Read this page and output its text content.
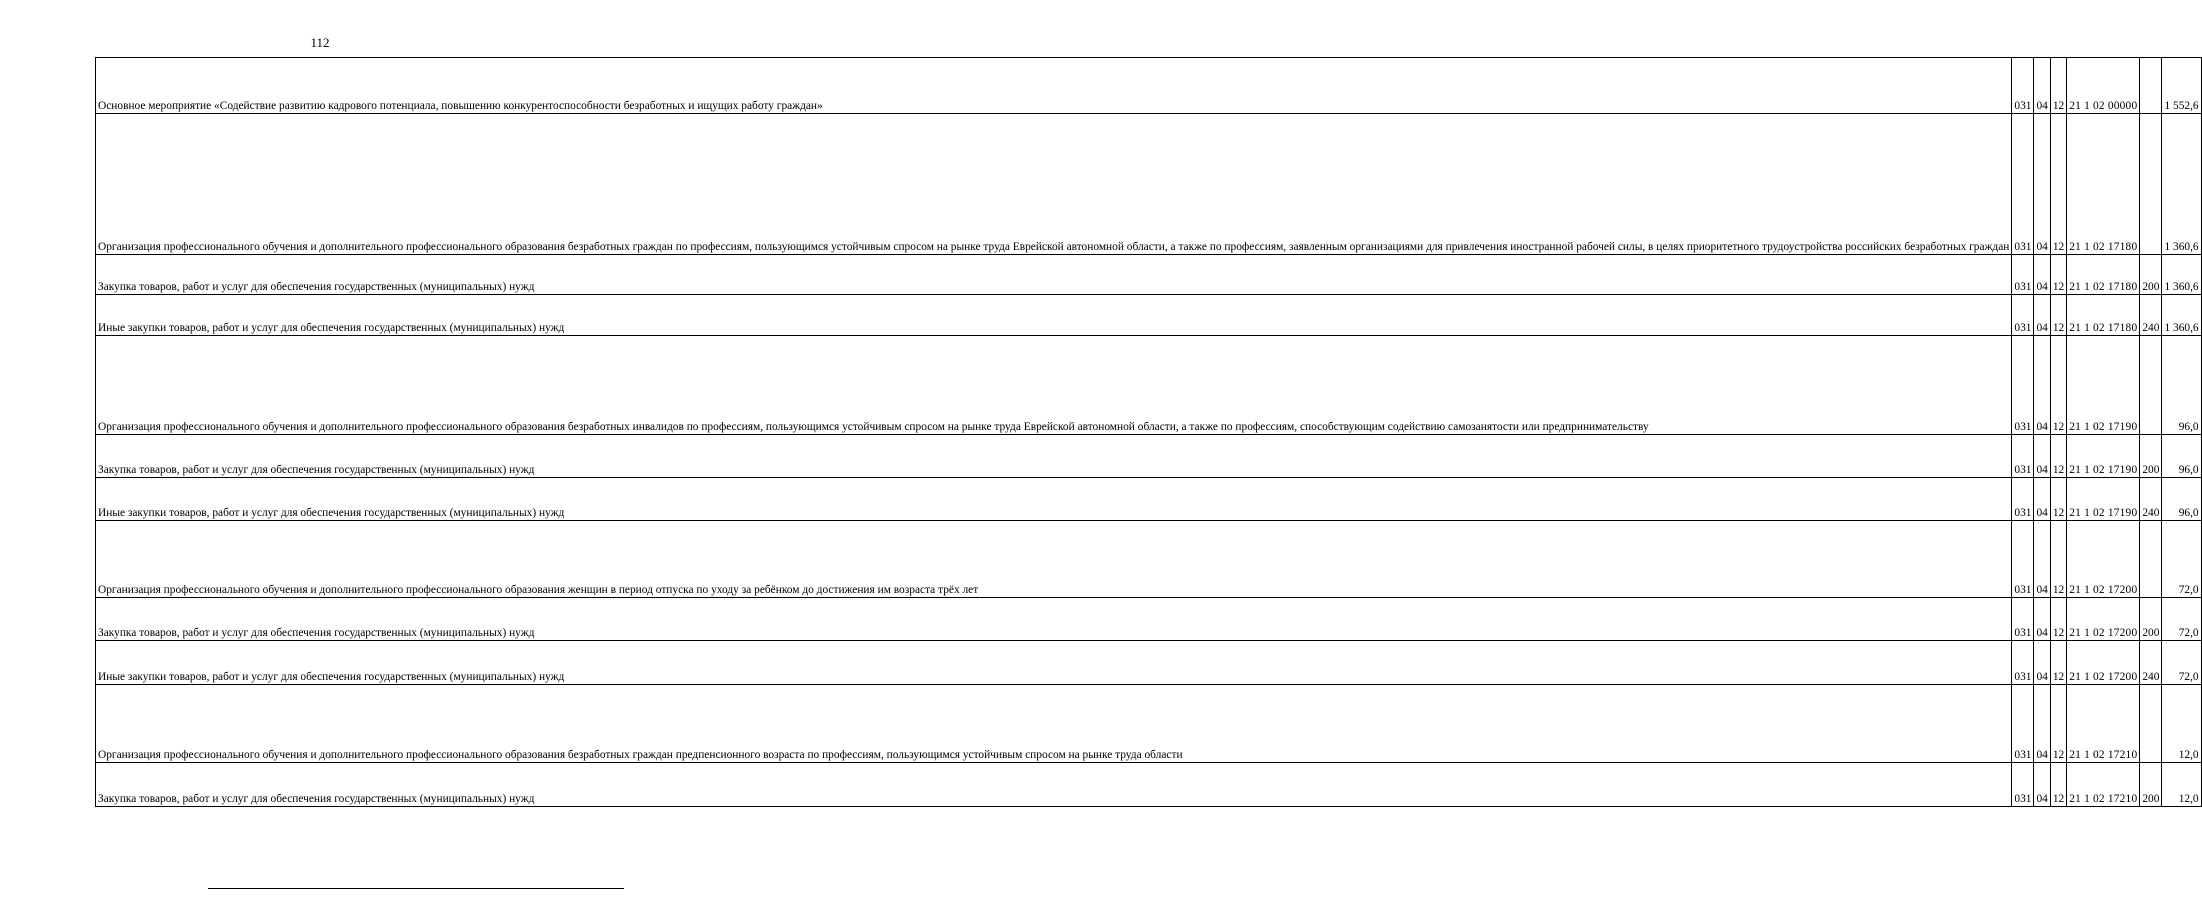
112
Основное мероприятие «Содействие развитию кадрового потенциала, повышению конкурентоспособности безработных и ищущих работу граждан»	031	04	12	21 1 02 00000		1 552,6
Организация профессионального обучения и дополнительного профессионального образования безработных граждан по профессиям, пользующимся устойчивым спросом на рынке труда Еврейской автономной области, а также по профессиям, заявленным организациями для привлечения иностранной рабочей силы, в целях приоритетного трудоустройства российских безработных граждан	031	04	12	21 1 02 17180		1 360,6
Закупка товаров, работ и услуг для обеспечения государственных (муниципальных) нужд	031	04	12	21 1 02 17180	200	1 360,6
Иные закупки товаров, работ и услуг для обеспечения государственных (муниципальных) нужд	031	04	12	21 1 02 17180	240	1 360,6
Организация профессионального обучения и дополнительного профессионального образования безработных инвалидов по профессиям, пользующимся устойчивым спросом на рынке труда Еврейской автономной области, а также по профессиям, способствующим содействию самозанятости или предпринимательству	031	04	12	21 1 02 17190		96,0
Закупка товаров, работ и услуг для обеспечения государственных (муниципальных) нужд	031	04	12	21 1 02 17190	200	96,0
Иные закупки товаров, работ и услуг для обеспечения государственных (муниципальных) нужд	031	04	12	21 1 02 17190	240	96,0
Организация профессионального обучения и дополнительного профессионального образования женщин в период отпуска по уходу за ребёнком до достижения им возраста трёх лет	031	04	12	21 1 02 17200		72,0
Закупка товаров, работ и услуг для обеспечения государственных (муниципальных) нужд	031	04	12	21 1 02 17200	200	72,0
Иные закупки товаров, работ и услуг для обеспечения государственных (муниципальных) нужд	031	04	12	21 1 02 17200	240	72,0
Организация профессионального обучения и дополнительного профессионального образования безработных граждан предпенсионного возраста по профессиям, пользующимся устойчивым спросом на рынке труда области	031	04	12	21 1 02 17210		12,0
Закупка товаров, работ и услуг для обеспечения государственных (муниципальных) нужд	031	04	12	21 1 02 17210	200	12,0
